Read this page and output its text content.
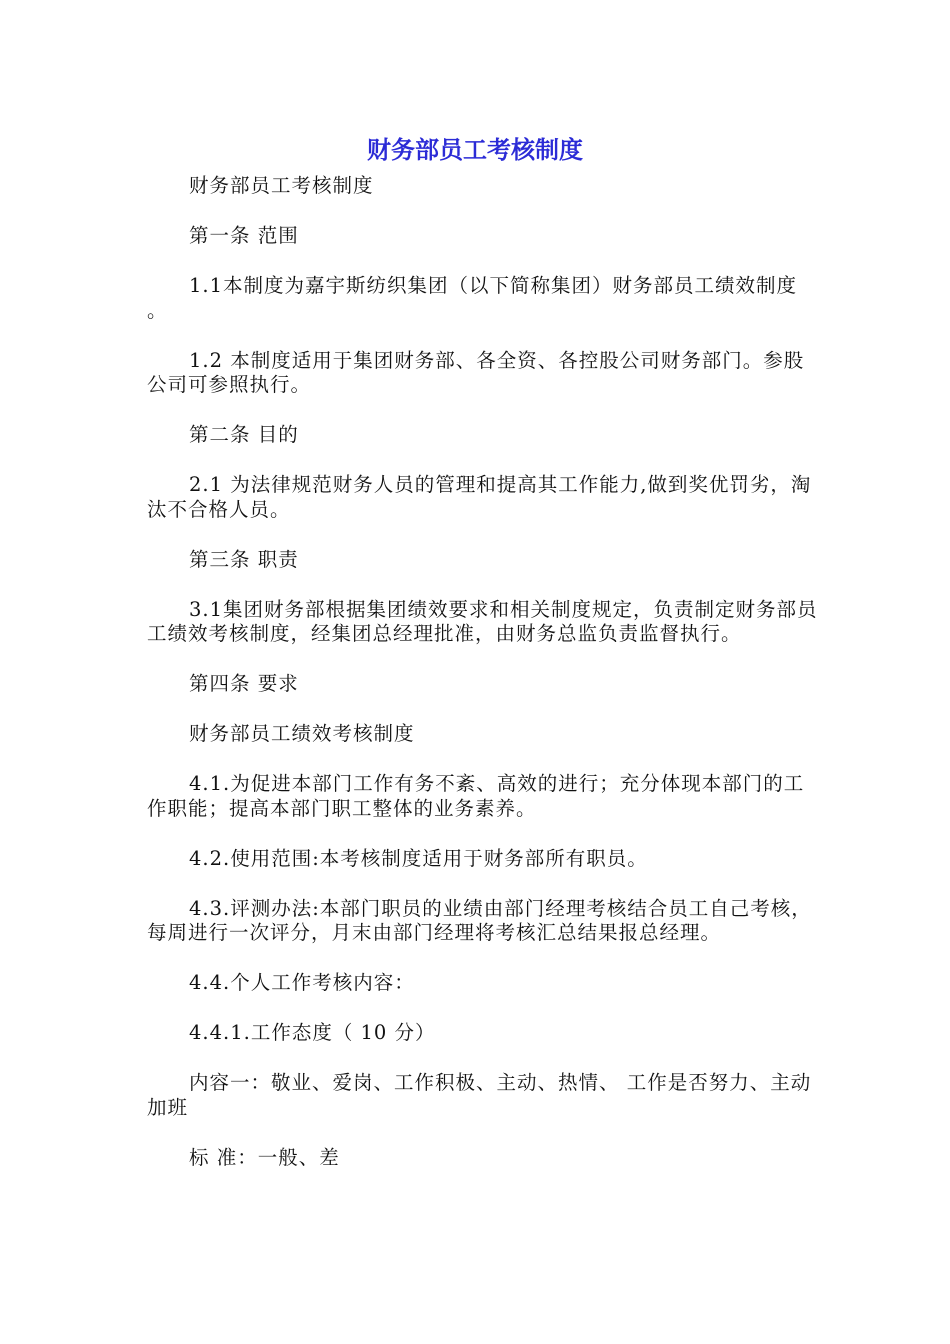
财务部员工考核制度

财务部员工考核制度

第一条 范围

1.1本制度为嘉宇斯纺织集团（以下简称集团）财务部员工绩效制度 。

1.2 本制度适用于集团财务部、各全资、各控股公司财务部门。参股公司可参照执行。

第二条 目的

2.1 为法律规范财务人员的管理和提高其工作能力,做到奖优罚劣，淘汰不合格人员。

第三条 职责

3.1集团财务部根据集团绩效要求和相关制度规定，负责制定财务部员工绩效考核制度，经集团总经理批准，由财务总监负责监督执行。

第四条 要求

财务部员工绩效考核制度

4.1.为促进本部门工作有务不紊、高效的进行；充分体现本部门的工作职能；提高本部门职工整体的业务素养。

4.2.使用范围:本考核制度适用于财务部所有职员。

4.3.评测办法:本部门职员的业绩由部门经理考核结合员工自己考核，每周进行一次评分，月末由部门经理将考核汇总结果报总经理。

4.4.个人工作考核内容：

4.4.1.工作态度（ 10 分）

内容一：敬业、爱岗、工作积极、主动、热情、 工作是否努力、主动加班

标 准：一般、差
